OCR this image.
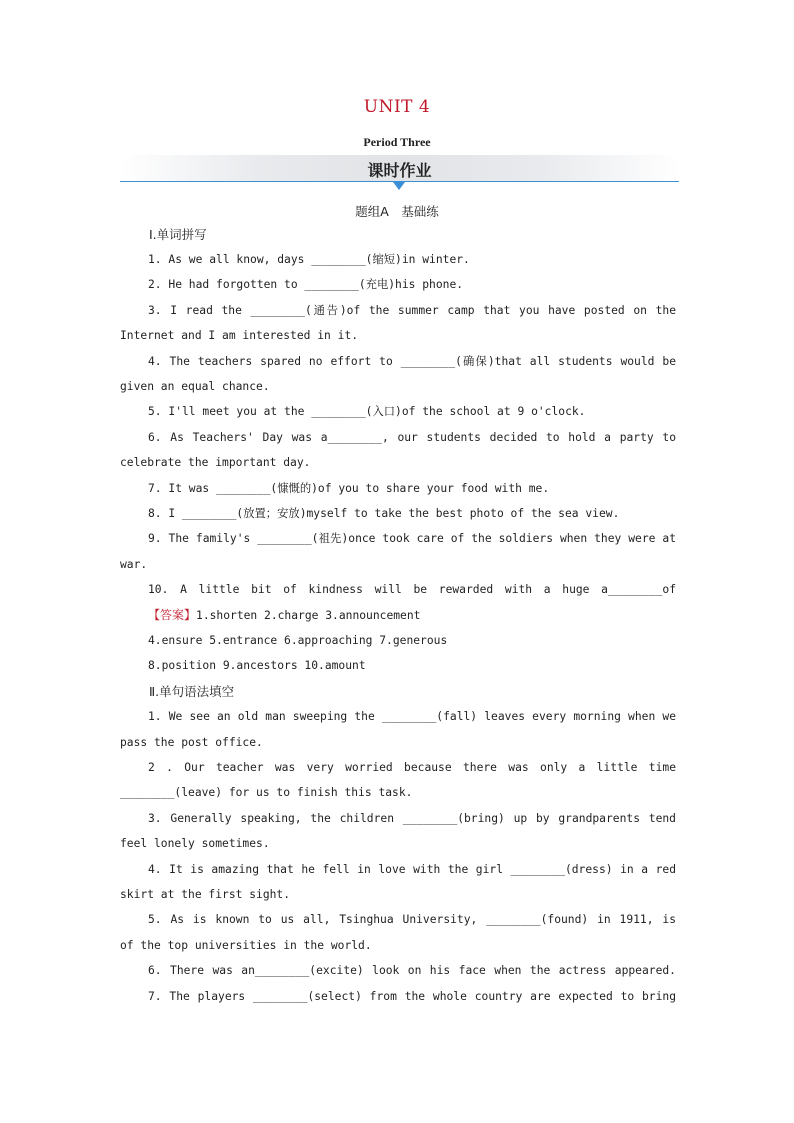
UNIT 4
Period Three
课时作业
题组A　基础练
Ⅰ.单词拼写
1. As we all know, days ________(缩短)in winter.
2. He had forgotten to ________(充电)his phone.
3. I read the ________(通告)of the summer camp that you have posted on the
Internet and I am interested in it.
4. The teachers spared no effort to ________(确保)that all students would be
given an equal chance.
5. I'll meet you at the ________(入口)of the school at 9 o'clock.
6. As Teachers' Day was a________, our students decided to hold a party to
celebrate the important day.
7. It was ________(慷慨的)of you to share your food with me.
8. I ________(放置；安放)myself to take the best photo of the sea view.
9. The family's ________(祖先)once took care of the soldiers when they were at
war.
10. A little bit of kindness will be rewarded with a huge a________of
【答案】1.shorten 2.charge 3.announcement
4.ensure 5.entrance 6.approaching 7.generous
8.position 9.ancestors 10.amount
Ⅱ.单句语法填空
1. We see an old man sweeping the ________(fall) leaves every morning when we
pass the post office.
2 . Our teacher was very worried because there was only a little time
________(leave) for us to finish this task.
3. Generally speaking, the children ________(bring) up by grandparents tend
feel lonely sometimes.
4. It is amazing that he fell in love with the girl ________(dress) in a red
skirt at the first sight.
5. As is known to us all, Tsinghua University, ________(found) in 1911, is
of the top universities in the world.
6. There was an________(excite) look on his face when the actress appeared.
7. The players ________(select) from the whole country are expected to bring
